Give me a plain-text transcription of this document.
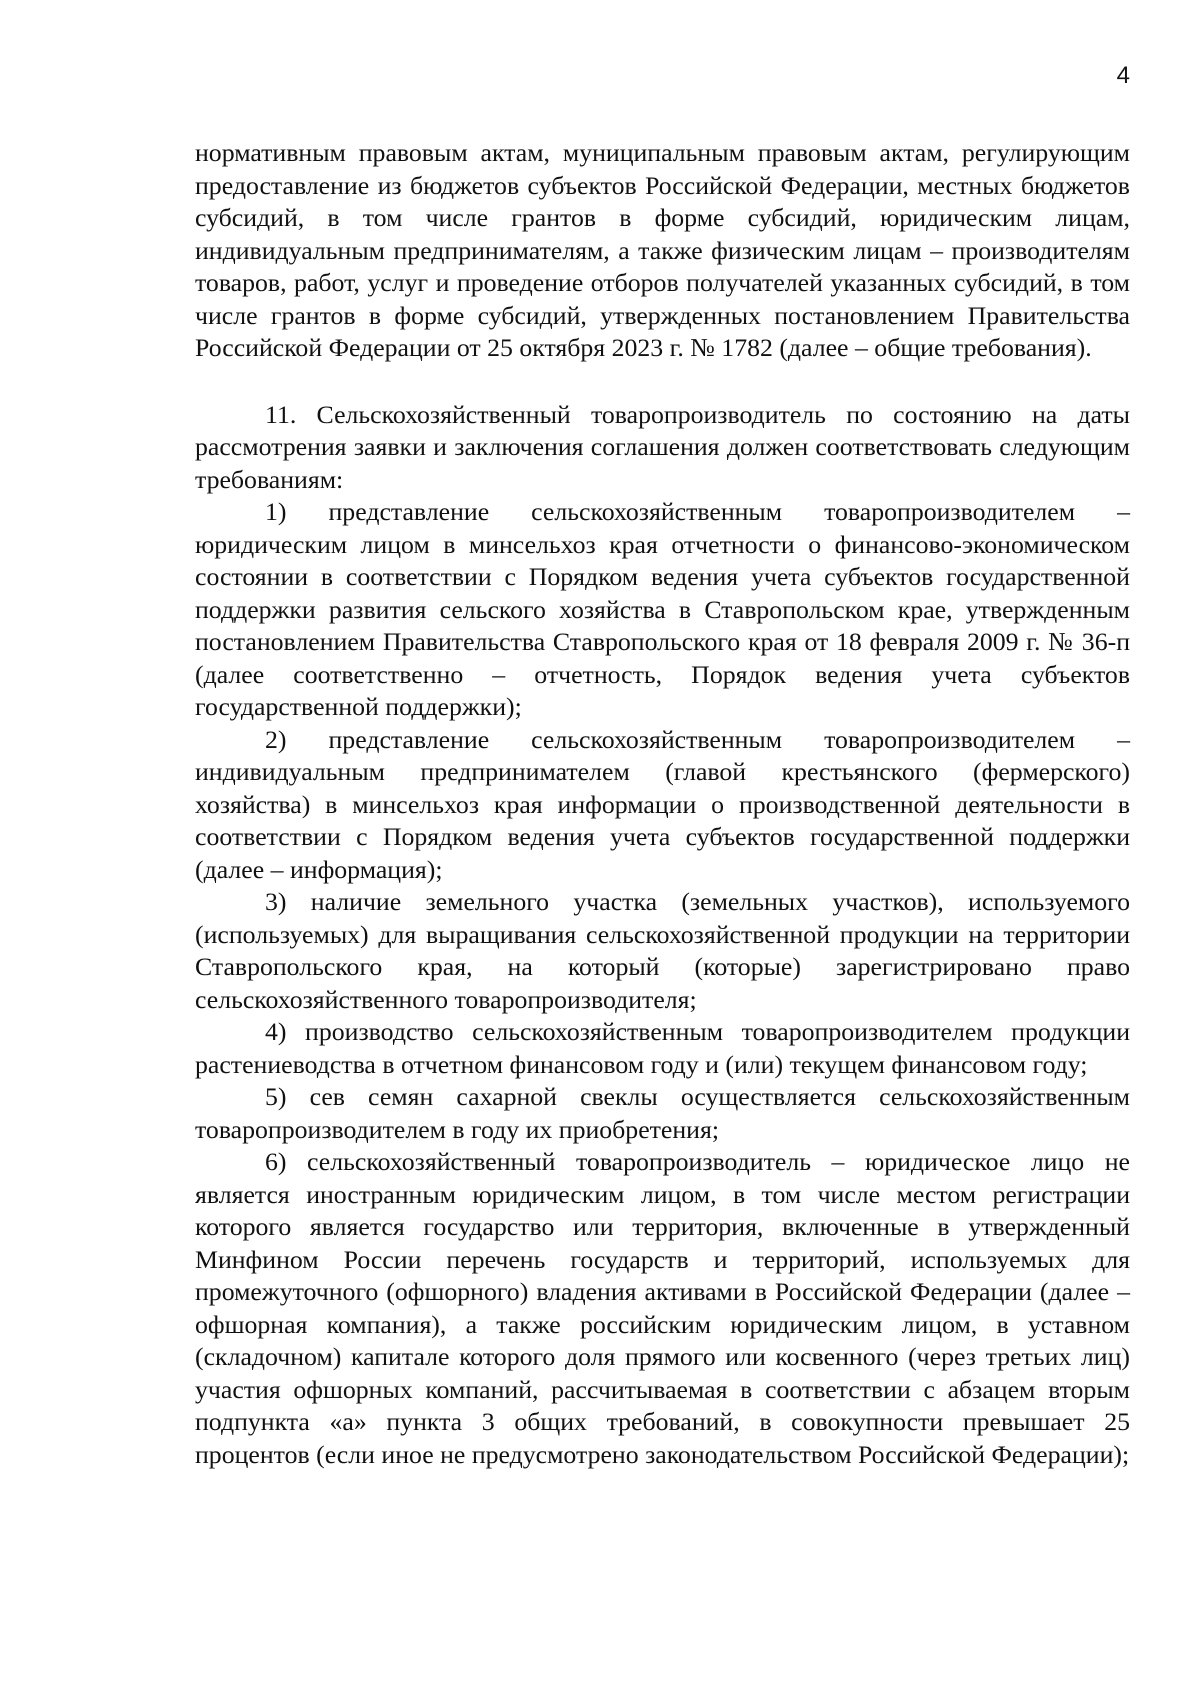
4

нормативным правовым актам, муниципальным правовым актам, регулирующим предоставление из бюджетов субъектов Российской Федерации, местных бюджетов субсидий, в том числе грантов в форме субсидий, юридическим лицам, индивидуальным предпринимателям, а также физическим лицам – производителям товаров, работ, услуг и проведение отборов получателей указанных субсидий, в том числе грантов в форме субсидий, утвержденных постановлением Правительства Российской Федерации от 25 октября 2023 г. № 1782 (далее – общие требования).

11. Сельскохозяйственный товаропроизводитель по состоянию на даты рассмотрения заявки и заключения соглашения должен соответствовать следующим требованиям:

1) представление сельскохозяйственным товаропроизводителем – юридическим лицом в минсельхоз края отчетности о финансово-экономическом состоянии в соответствии с Порядком ведения учета субъектов государственной поддержки развития сельского хозяйства в Ставропольском крае, утвержденным постановлением Правительства Ставропольского края от 18 февраля 2009 г. № 36-п (далее соответственно – отчетность, Порядок ведения учета субъектов государственной поддержки);

2) представление сельскохозяйственным товаропроизводителем – индивидуальным предпринимателем (главой крестьянского (фермерского) хозяйства) в минсельхоз края информации о производственной деятельности в соответствии с Порядком ведения учета субъектов государственной поддержки (далее – информация);

3) наличие земельного участка (земельных участков), используемого (используемых) для выращивания сельскохозяйственной продукции на территории Ставропольского края, на который (которые) зарегистрировано право сельскохозяйственного товаропроизводителя;

4) производство сельскохозяйственным товаропроизводителем продукции растениеводства в отчетном финансовом году и (или) текущем финансовом году;

5) сев семян сахарной свеклы осуществляется сельскохозяйственным товаропроизводителем в году их приобретения;

6) сельскохозяйственный товаропроизводитель – юридическое лицо не является иностранным юридическим лицом, в том числе местом регистрации которого является государство или территория, включенные в утвержденный Минфином России перечень государств и территорий, используемых для промежуточного (офшорного) владения активами в Российской Федерации (далее – офшорная компания), а также российским юридическим лицом, в уставном (складочном) капитале которого доля прямого или косвенного (через третьих лиц) участия офшорных компаний, рассчитываемая в соответствии с абзацем вторым подпункта «а» пункта 3 общих требований, в совокупности превышает 25 процентов (если иное не предусмотрено законодательством Российской Федерации);
